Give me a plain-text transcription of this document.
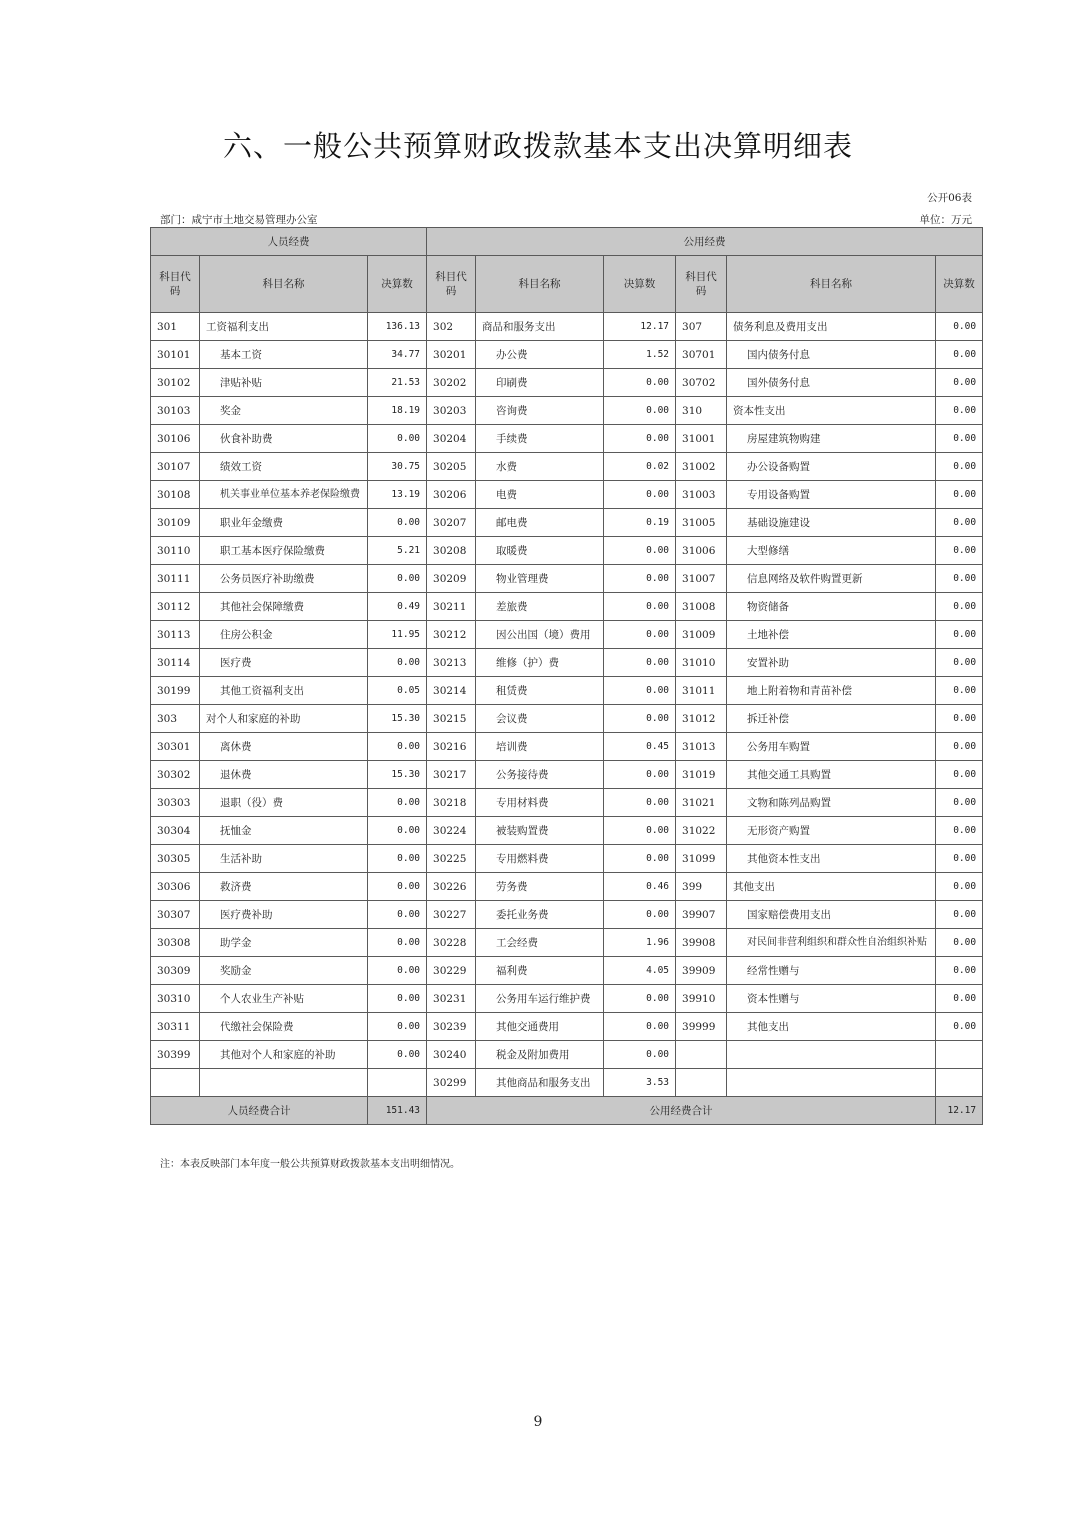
六、一般公共预算财政拨款基本支出决算明细表
公开06表
部门：咸宁市土地交易管理办公室	单位：万元
人员经费			公用经费					
科目代码	科目名称	决算数	科目代码	科目名称	决算数	科目代码	科目名称	决算数
301	工资福利支出	136.13	302	商品和服务支出	12.17	307	债务利息及费用支出	0.00
30101	基本工资	34.77	30201	办公费	1.52	30701	国内债务付息	0.00
30102	津贴补贴	21.53	30202	印刷费	0.00	30702	国外债务付息	0.00
30103	奖金	18.19	30203	咨询费	0.00	310	资本性支出	0.00
30106	伙食补助费	0.00	30204	手续费	0.00	31001	房屋建筑物购建	0.00
30107	绩效工资	30.75	30205	水费	0.02	31002	办公设备购置	0.00
30108	机关事业单位基本养老保险缴费	13.19	30206	电费	0.00	31003	专用设备购置	0.00
30109	职业年金缴费	0.00	30207	邮电费	0.19	31005	基础设施建设	0.00
30110	职工基本医疗保险缴费	5.21	30208	取暖费	0.00	31006	大型修缮	0.00
30111	公务员医疗补助缴费	0.00	30209	物业管理费	0.00	31007	信息网络及软件购置更新	0.00
30112	其他社会保障缴费	0.49	30211	差旅费	0.00	31008	物资储备	0.00
30113	住房公积金	11.95	30212	因公出国（境）费用	0.00	31009	土地补偿	0.00
30114	医疗费	0.00	30213	维修（护）费	0.00	31010	安置补助	0.00
30199	其他工资福利支出	0.05	30214	租赁费	0.00	31011	地上附着物和青苗补偿	0.00
303	对个人和家庭的补助	15.30	30215	会议费	0.00	31012	拆迁补偿	0.00
30301	离休费	0.00	30216	培训费	0.45	31013	公务用车购置	0.00
30302	退休费	15.30	30217	公务接待费	0.00	31019	其他交通工具购置	0.00
30303	退职（役）费	0.00	30218	专用材料费	0.00	31021	文物和陈列品购置	0.00
30304	抚恤金	0.00	30224	被装购置费	0.00	31022	无形资产购置	0.00
30305	生活补助	0.00	30225	专用燃料费	0.00	31099	其他资本性支出	0.00
30306	救济费	0.00	30226	劳务费	0.46	399	其他支出	0.00
30307	医疗费补助	0.00	30227	委托业务费	0.00	39907	国家赔偿费用支出	0.00
30308	助学金	0.00	30228	工会经费	1.96	39908	对民间非营利组织和群众性自治组织补贴	0.00
30309	奖励金	0.00	30229	福利费	4.05	39909	经常性赠与	0.00
30310	个人农业生产补贴	0.00	30231	公务用车运行维护费	0.00	39910	资本性赠与	0.00
30311	代缴社会保险费	0.00	30239	其他交通费用	0.00	39999	其他支出	0.00
30399	其他对个人和家庭的补助	0.00	30240	税金及附加费用	0.00			
			30299	其他商品和服务支出	3.53			
人员经费合计		151.43	公用经费合计					12.17
注：本表反映部门本年度一般公共预算财政拨款基本支出明细情况。
9
